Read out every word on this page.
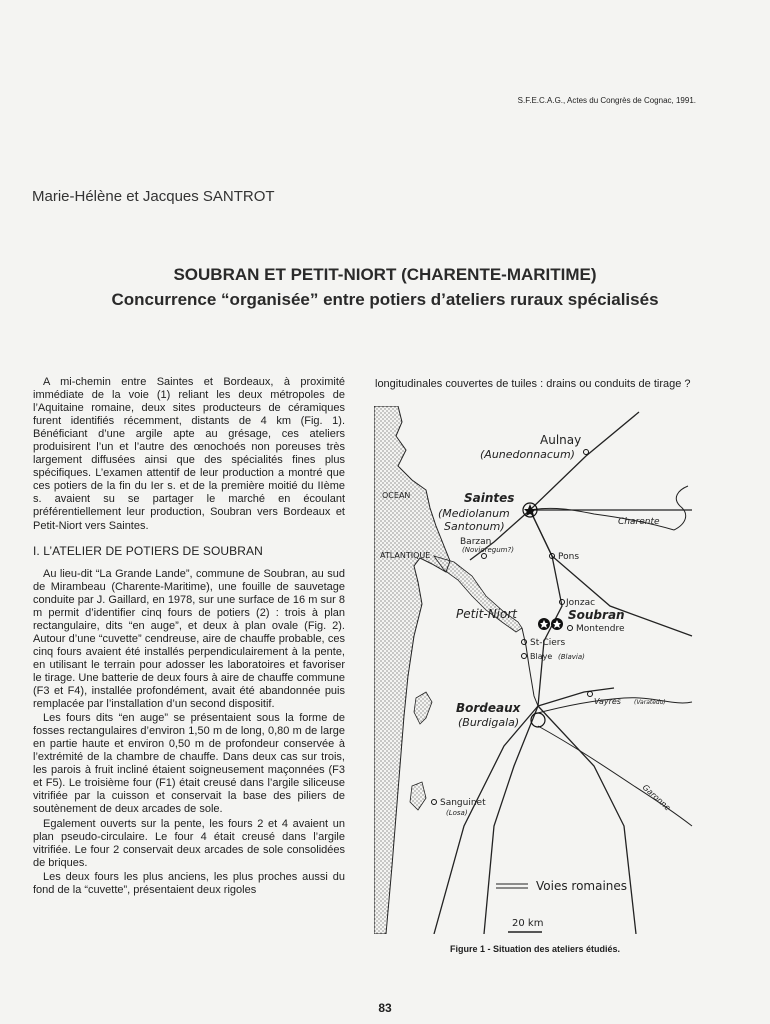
S.F.E.C.A.G., Actes du Congrès de Cognac, 1991.
Marie-Hélène et Jacques SANTROT
SOUBRAN ET PETIT-NIORT (CHARENTE-MARITIME)
Concurrence “organisée” entre potiers d’ateliers ruraux spécialisés

A mi-chemin entre Saintes et Bordeaux, à proximité immédiate de la voie (1) reliant les deux métropoles de l’Aquitaine romaine, deux sites producteurs de céramiques furent identifiés récemment, distants de 4 km (Fig. 1). Bénéficiant d’une argile apte au grésage, ces ateliers produisirent l’un et l’autre des œnochoés non poreuses très largement diffusées ainsi que des spécialités fines plus spécifiques. L’examen attentif de leur production a montré que ces potiers de la fin du Ier s. et de la première moitié du IIème s. avaient su se partager le marché en écoulant préférentiellement leur production, Soubran vers Bordeaux et Petit-Niort vers Saintes.

I. L’ATELIER DE POTIERS DE SOUBRAN

Au lieu-dit “La Grande Lande”, commune de Soubran, au sud de Mirambeau (Charente-Maritime), une fouille de sauvetage conduite par J. Gaillard, en 1978, sur une surface de 16 m sur 8 m permit d’identifier cinq fours de potiers (2) : trois à plan rectangulaire, dits “en auge”, et deux à plan ovale (Fig. 2). Autour d’une “cuvette” cendreuse, aire de chauffe probable, ces cinq fours avaient été installés perpendiculairement à la pente, en utilisant le terrain pour adosser les laboratoires et favoriser le tirage. Une batterie de deux fours à aire de chauffe commune (F3 et F4), installée profondément, avait été abandonnée puis remplacée par l’installation d’un second dispositif.

Les fours dits “en auge” se présentaient sous la forme de fosses rectangulaires d’environ 1,50 m de long, 0,80 m de large en partie haute et environ 0,50 m de profondeur conservée à l’extrémité de la chambre de chauffe. Dans deux cas sur trois, les parois à fruit incliné étaient soigneusement maçonnées (F3 et F5). Le troisième four (F1) était creusé dans l’argile siliceuse vitrifiée par la cuisson et conservait la base des piliers de soutènement de deux arcades de sole.

Egalement ouverts sur la pente, les fours 2 et 4 avaient un plan pseudo-circulaire. Le four 4 était creusé dans l’argile vitrifiée. Le four 2 conservait deux arcades de sole consolidées de briques.

Les deux fours les plus anciens, les plus proches aussi du fond de la “cuvette”, présentaient deux rigoles

longitudinales couvertes de tuiles : drains ou conduits de tirage ?
Aulnay
(Aunedonnacum)
OCEAN
ATLANTIQUE
Saintes
(Mediolanum
Santonum)	Charente
Barzan
(Novioregum?)
Pons
Jonzac
Petit-Niort	Soubran
Montendre
St-Ciers
Blaye (Blavia)
Vayres (Varatedo)
Bordeaux
(Burdigala)
Sanguinet
(Losa)
Garonne
Voies romaines
20 km
Figure 1 - Situation des ateliers étudiés.
83
